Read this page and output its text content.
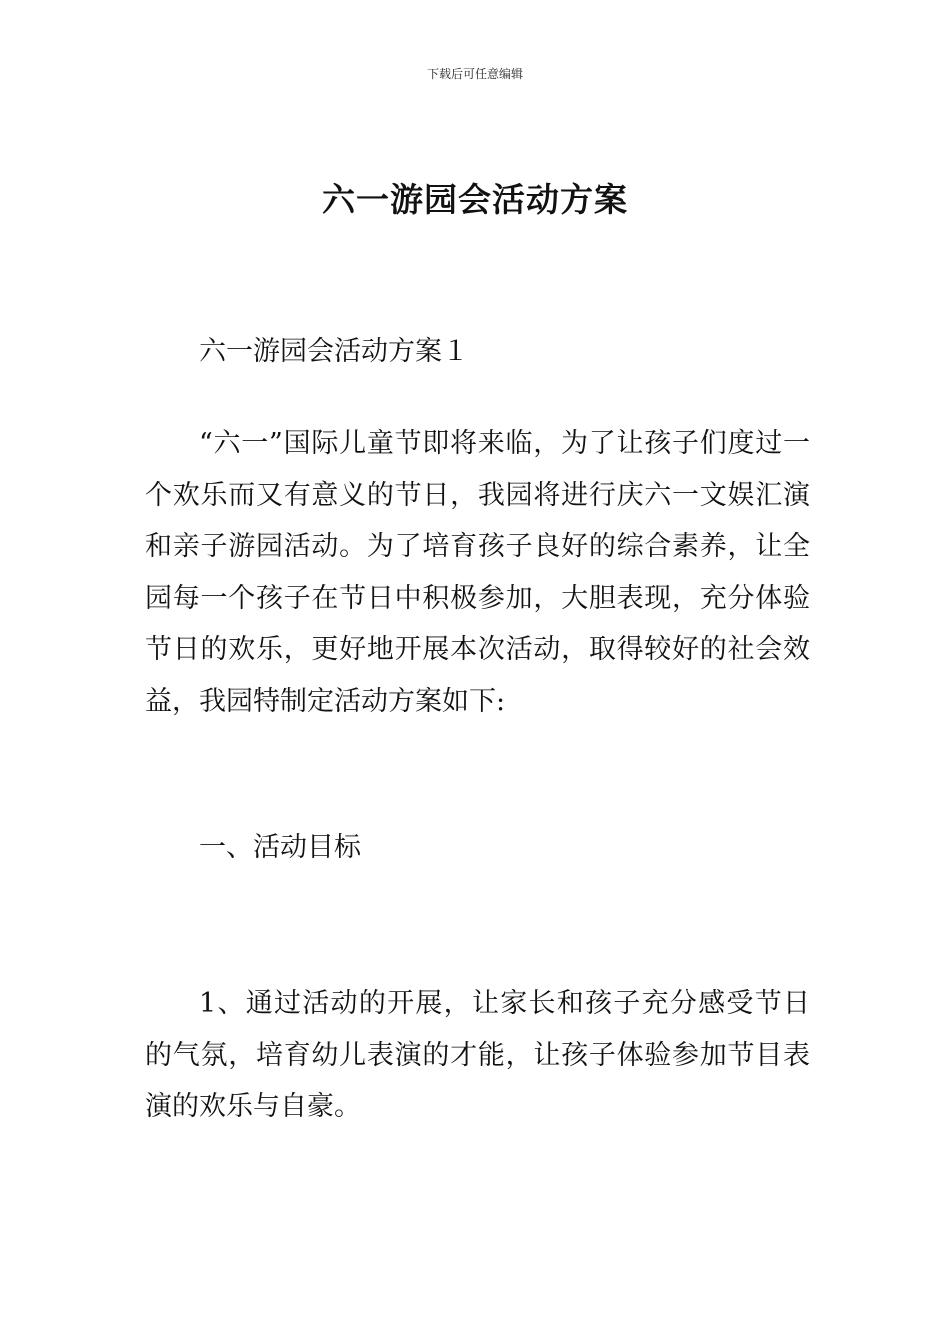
下载后可任意编辑
六一游园会活动方案

六一游园会活动方案１

“六一”国际儿童节即将来临，为了让孩子们度过一个欢乐而又有意义的节日，我园将进行庆六一文娱汇演和亲子游园活动。为了培育孩子良好的综合素养，让全园每一个孩子在节日中积极参加，大胆表现，充分体验节日的欢乐，更好地开展本次活动，取得较好的社会效益，我园特制定活动方案如下:

一、活动目标

1、通过活动的开展，让家长和孩子充分感受节日的气氛，培育幼儿表演的才能，让孩子体验参加节目表演的欢乐与自豪。
